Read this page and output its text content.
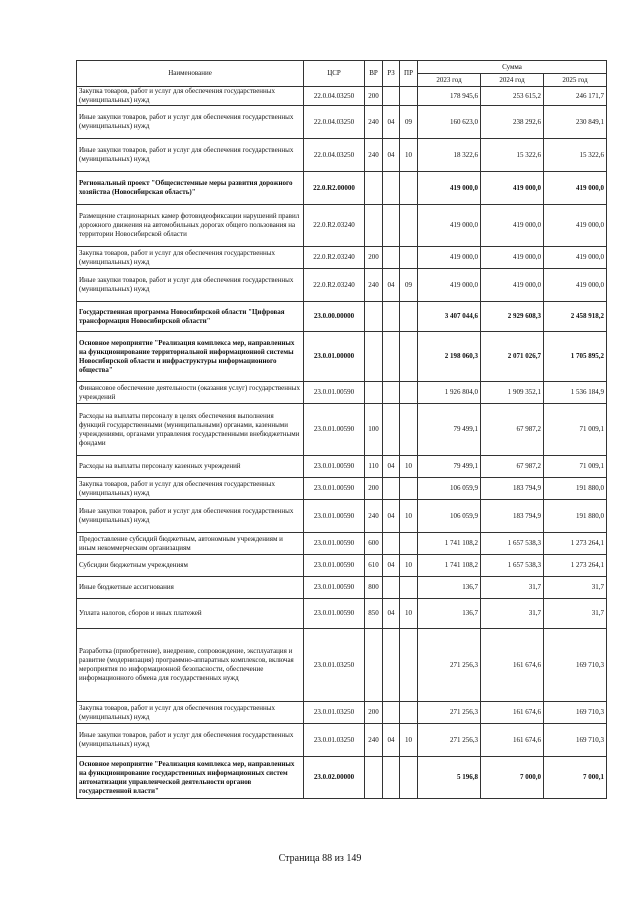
Наименование	ЦСР	ВР	РЗ	ПР	Сумма		
					2023 год	2024 год	2025 год
Закупка товаров, работ и услуг для обеспечения государственных (муниципальных) нужд	22.0.04.03250	200			178 945,6	253 615,2	246 171,7
Иные закупки товаров, работ и услуг для обеспечения государственных (муниципальных) нужд	22.0.04.03250	240	04	09	160 623,0	238 292,6	230 849,1
Иные закупки товаров, работ и услуг для обеспечения государственных (муниципальных) нужд	22.0.04.03250	240	04	10	18 322,6	15 322,6	15 322,6
Региональный проект "Общесистемные меры развития дорожного хозяйства (Новосибирская область)"	22.0.R2.00000				419 000,0	419 000,0	419 000,0
Размещение стационарных камер фотовидеофиксации нарушений правил дорожного движения на автомобильных дорогах общего пользования на территории Новосибирской области	22.0.R2.03240				419 000,0	419 000,0	419 000,0
Закупка товаров, работ и услуг для обеспечения государственных (муниципальных) нужд	22.0.R2.03240	200			419 000,0	419 000,0	419 000,0
Иные закупки товаров, работ и услуг для обеспечения государственных (муниципальных) нужд	22.0.R2.03240	240	04	09	419 000,0	419 000,0	419 000,0
Государственная программа Новосибирской области "Цифровая трансформация Новосибирской области"	23.0.00.00000				3 407 044,6	2 929 608,3	2 458 918,2
Основное мероприятие "Реализация комплекса мер, направленных на функционирование территориальной информационной системы Новосибирской области и инфраструктуры информационного общества"	23.0.01.00000				2 198 060,3	2 071 026,7	1 705 895,2
Финансовое обеспечение деятельности (оказания услуг) государственных учреждений	23.0.01.00590				1 926 804,0	1 909 352,1	1 536 184,9
Расходы на выплаты персоналу в целях обеспечения выполнения функций государственными (муниципальными) органами, казенными учреждениями, органами управления государственными внебюджетными фондами	23.0.01.00590	100			79 499,1	67 987,2	71 009,1
Расходы на выплаты персоналу казенных учреждений	23.0.01.00590	110	04	10	79 499,1	67 987,2	71 009,1
Закупка товаров, работ и услуг для обеспечения государственных (муниципальных) нужд	23.0.01.00590	200			106 059,9	183 794,9	191 880,0
Иные закупки товаров, работ и услуг для обеспечения государственных (муниципальных) нужд	23.0.01.00590	240	04	10	106 059,9	183 794,9	191 880,0
Предоставление субсидий бюджетным, автономным учреждениям и иным некоммерческим организациям	23.0.01.00590	600			1 741 108,2	1 657 538,3	1 273 264,1
Субсидии бюджетным учреждениям	23.0.01.00590	610	04	10	1 741 108,2	1 657 538,3	1 273 264,1
Иные бюджетные ассигнования	23.0.01.00590	800			136,7	31,7	31,7
Уплата налогов, сборов и иных платежей	23.0.01.00590	850	04	10	136,7	31,7	31,7
Разработка (приобретение), внедрение, сопровождение, эксплуатация и развитие (модернизация) программно-аппаратных комплексов, включая мероприятия по информационной безопасности, обеспечение информационного обмена для государственных нужд	23.0.01.03250				271 256,3	161 674,6	169 710,3
Закупка товаров, работ и услуг для обеспечения государственных (муниципальных) нужд	23.0.01.03250	200			271 256,3	161 674,6	169 710,3
Иные закупки товаров, работ и услуг для обеспечения государственных (муниципальных) нужд	23.0.01.03250	240	04	10	271 256,3	161 674,6	169 710,3
Основное мероприятие "Реализация комплекса мер, направленных на функционирование государственных информационных систем автоматизации управленческой деятельности органов государственной власти"	23.0.02.00000				5 196,8	7 000,0	7 000,1
Страница 88 из 149
